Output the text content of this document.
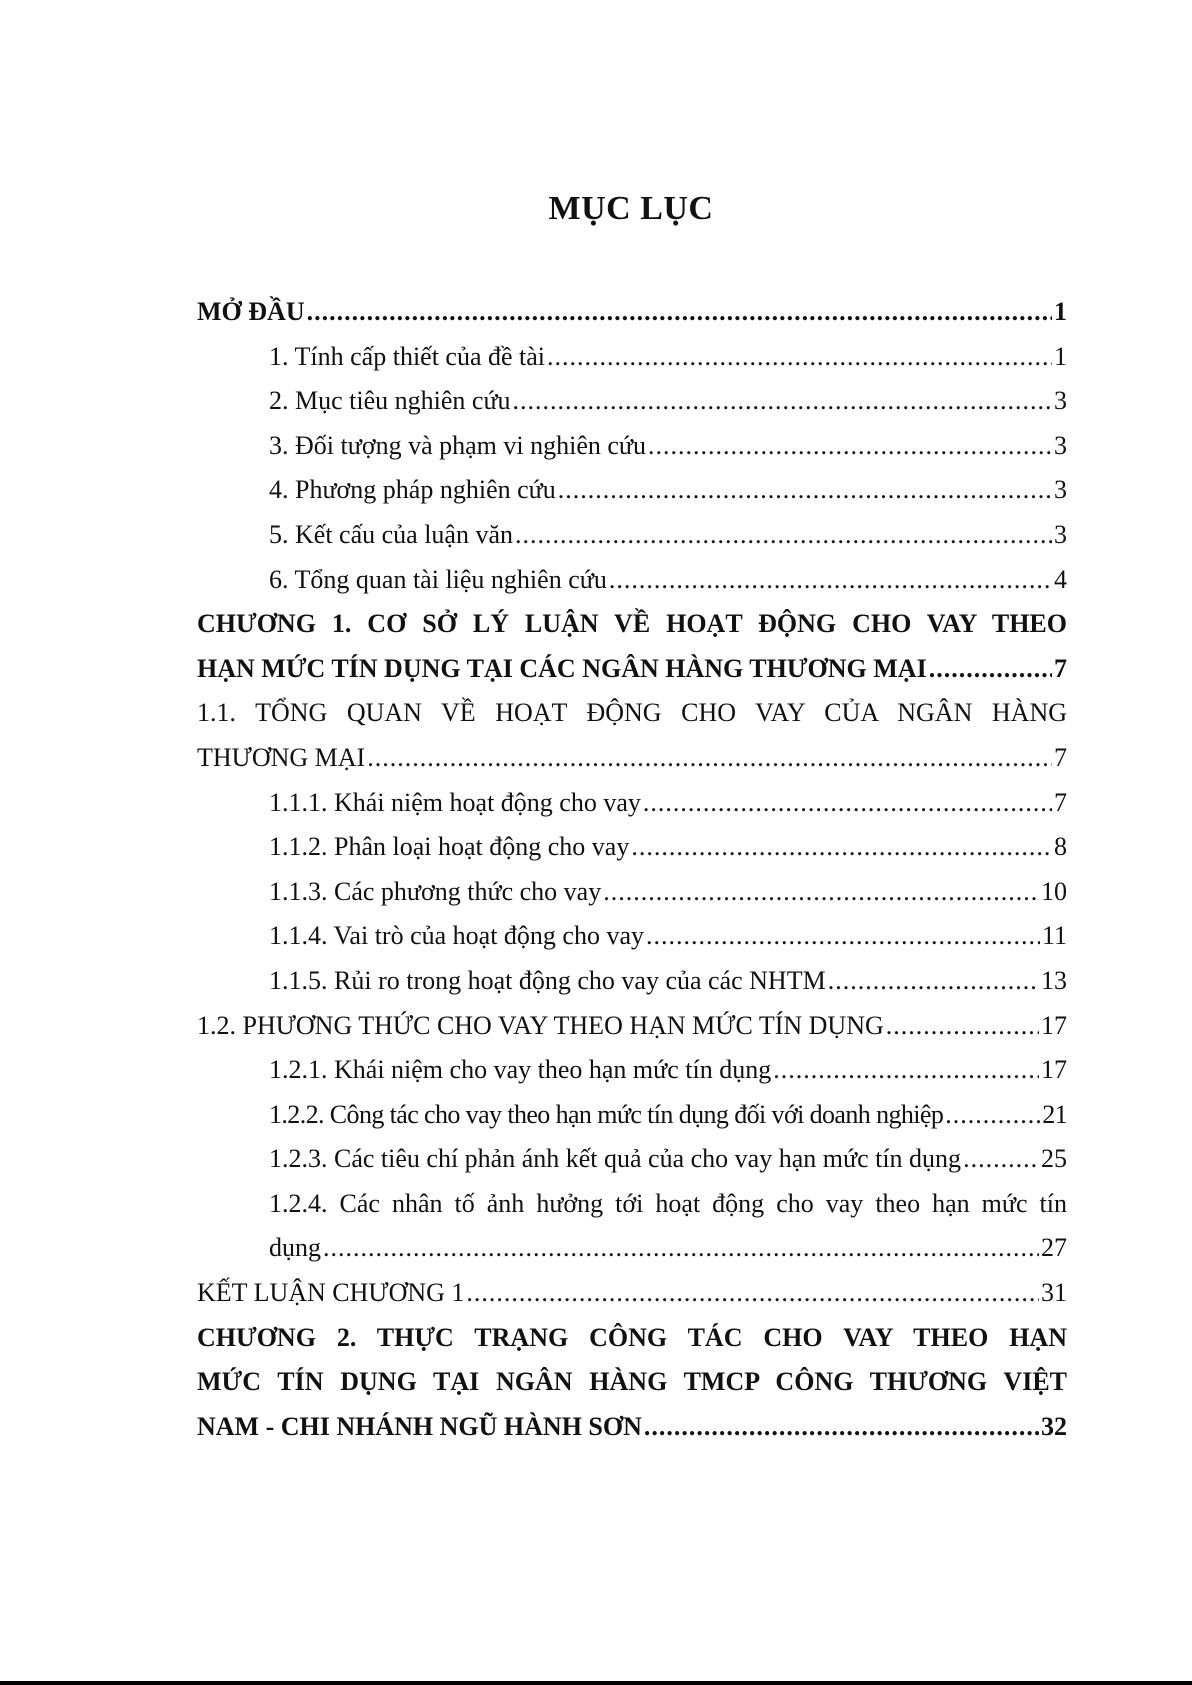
MỤC LỤC
MỞ ĐẦU .....	1
1. Tính cấp thiết của đề tài .....	1
2. Mục tiêu nghiên cứu .....	3
3. Đối tượng và phạm vi nghiên cứu .....	3
4. Phương pháp nghiên cứu .....	3
5. Kết cấu của luận văn .....	3
6. Tổng quan tài liệu nghiên cứu .....	4
CHƯƠNG 1. CƠ SỞ LÝ LUẬN VỀ HOẠT ĐỘNG CHO VAY THEO
HẠN MỨC TÍN DỤNG TẠI CÁC NGÂN HÀNG THƯƠNG MẠI .....	7
1.1. TỔNG QUAN VỀ HOẠT ĐỘNG CHO VAY CỦA NGÂN HÀNG
THƯƠNG MẠI .....	7
1.1.1. Khái niệm hoạt động cho vay .....	7
1.1.2. Phân loại hoạt động cho vay .....	8
1.1.3. Các phương thức cho vay .....	10
1.1.4. Vai trò của hoạt động cho vay .....	11
1.1.5. Rủi ro trong hoạt động cho vay của các NHTM .....	13
1.2. PHƯƠNG THỨC CHO VAY THEO HẠN MỨC TÍN DỤNG .....	17
1.2.1. Khái niệm cho vay theo hạn mức tín dụng .....	17
1.2.2. Công tác cho vay theo hạn mức tín dụng đối với doanh nghiệp .....	21
1.2.3. Các tiêu chí phản ánh kết quả của cho vay hạn mức tín dụng .....	25
1.2.4. Các nhân tố ảnh hưởng tới hoạt động cho vay theo hạn mức tín
dụng .....	27
KẾT LUẬN CHƯƠNG 1 .....	31
CHƯƠNG 2. THỰC TRẠNG CÔNG TÁC CHO VAY THEO HẠN
MỨC TÍN DỤNG TẠI NGÂN HÀNG TMCP CÔNG THƯƠNG VIỆT
NAM - CHI NHÁNH NGŨ HÀNH SƠN .....	32
